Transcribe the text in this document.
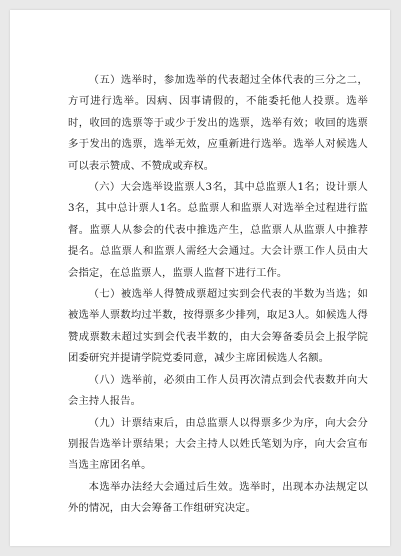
（五）选举时，参加选举的代表超过全体代表的三分之二，方可进行选举。因病、因事请假的，不能委托他人投票。选举时，收回的选票等于或少于发出的选票，选举有效；收回的选票多于发出的选票，选举无效，应重新进行选举。选举人对候选人可以表示赞成、不赞成或弃权。

（六）大会选举设监票人3名，其中总监票人1名；设计票人3名，其中总计票人1名。总监票人和监票人对选举全过程进行监督。监票人从参会的代表中推选产生，总监票人从监票人中推荐提名。总监票人和监票人需经大会通过。大会计票工作人员由大会指定，在总监票人，监票人监督下进行工作。

（七）被选举人得赞成票超过实到会代表的半数为当选；如被选举人票数均过半数，按得票多少排列，取足3人。如候选人得赞成票数未超过实到会代表半数的，由大会筹备委员会上报学院团委研究并提请学院党委同意，减少主席团候选人名额。

（八）选举前，必须由工作人员再次清点到会代表数并向大会主持人报告。

（九）计票结束后，由总监票人以得票多少为序，向大会分别报告选举计票结果；大会主持人以姓氏笔划为序，向大会宣布当选主席团名单。

本选举办法经大会通过后生效。选举时，出现本办法规定以外的情况，由大会筹备工作组研究决定。
